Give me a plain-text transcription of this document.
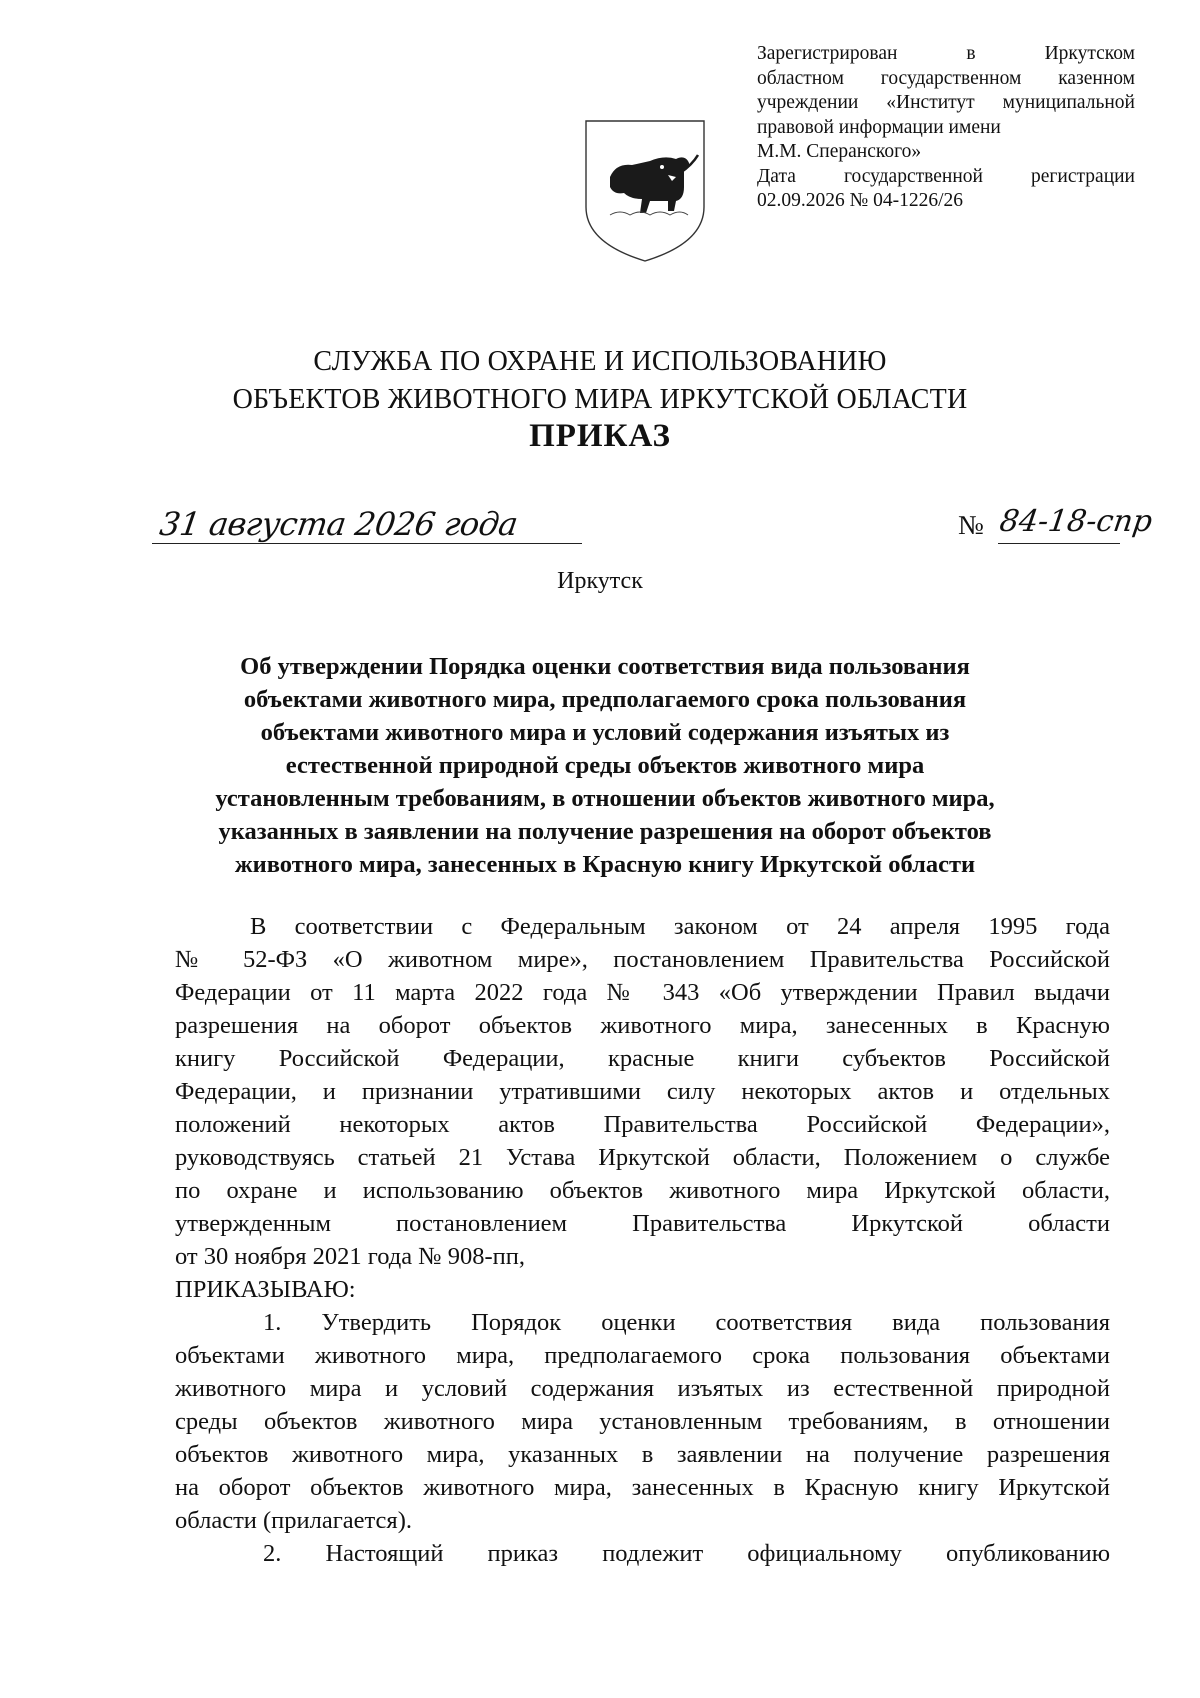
Зарегистрирован в Иркутском
областном государственном казенном
учреждении «Институт муниципальной
правовой информации имени
М.М. Сперанского»
Дата государственной регистрации
02.09.2026 № 04-1226/26
СЛУЖБА ПО ОХРАНЕ И ИСПОЛЬЗОВАНИЮ
ОБЪЕКТОВ ЖИВОТНОГО МИРА ИРКУТСКОЙ ОБЛАСТИ
ПРИКАЗ
31 августа 2026 года	№ 84-18-спр
Иркутск
Об утверждении Порядка оценки соответствия вида пользования
объектами животного мира, предполагаемого срока пользования
объектами животного мира и условий содержания изъятых из
естественной природной среды объектов животного мира
установленным требованиям, в отношении объектов животного мира,
указанных в заявлении на получение разрешения на оборот объектов
животного мира, занесенных в Красную книгу Иркутской области
В соответствии с Федеральным законом от 24 апреля 1995 года
№ 52-ФЗ «О животном мире», постановлением Правительства Российской
Федерации от 11 марта 2022 года № 343 «Об утверждении Правил выдачи
разрешения на оборот объектов животного мира, занесенных в Красную
книгу Российской Федерации, красные книги субъектов Российской
Федерации, и признании утратившими силу некоторых актов и отдельных
положений некоторых актов Правительства Российской Федерации»,
руководствуясь статьей 21 Устава Иркутской области, Положением о службе
по охране и использованию объектов животного мира Иркутской области,
утвержденным постановлением Правительства Иркутской области
от 30 ноября 2021 года № 908-пп,
ПРИКАЗЫВАЮ:
1. Утвердить Порядок оценки соответствия вида пользования
объектами животного мира, предполагаемого срока пользования объектами
животного мира и условий содержания изъятых из естественной природной
среды объектов животного мира установленным требованиям, в отношении
объектов животного мира, указанных в заявлении на получение разрешения
на оборот объектов животного мира, занесенных в Красную книгу Иркутской
области (прилагается).
2. Настоящий приказ подлежит официальному опубликованию
